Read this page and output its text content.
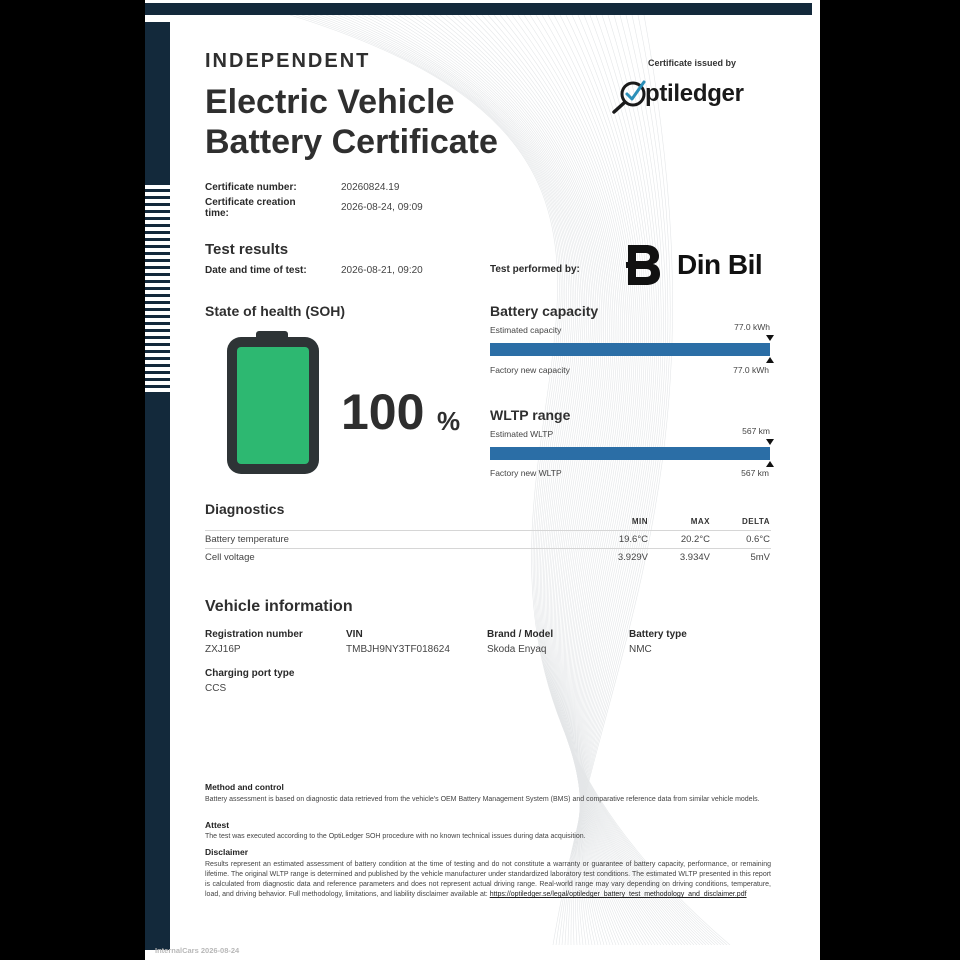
INDEPENDENT
Electric Vehicle
Battery Certificate
Certificate issued by
ptiledger
Certificate number:	20260824.19
Certificate creation
time:
2026-08-24, 09:09
Test results
Date and time of test:	2026-08-21, 09:20	Test performed by:	Din Bil
State of health (SOH)
100 %
Battery capacity
Estimated capacity	77.0 kWh
Factory new capacity	77.0 kWh
WLTP range
Estimated WLTP	567 km
Factory new WLTP	567 km
Diagnostics
MIN	MAX	DELTA
Battery temperature	19.6°C	20.2°C	0.6°C
Cell voltage	3.929V	3.934V	5mV
Vehicle information
Registration number
ZXJ16P
VIN
TMBJH9NY3TF018624
Brand / Model
Skoda Enyaq
Battery type
NMC
Charging port type
CCS
Method and control
Battery assessment is based on diagnostic data retrieved from the vehicle's OEM Battery Management System (BMS) and comparative reference data from similar vehicle models.
Attest
The test was executed according to the OptiLedger SOH procedure with no known technical issues during data acquisition.
Disclaimer
Results represent an estimated assessment of battery condition at the time of testing and do not constitute a warranty or guarantee of battery capacity, performance, or remaining lifetime. The original WLTP range is determined and published by the vehicle manufacturer under standardized laboratory test conditions. The estimated WLTP presented in this report is calculated from diagnostic data and reference parameters and does not represent actual driving range. Real-world range may vary depending on driving conditions, temperature, load, and driving behavior. Full methodology, limitations, and liability disclaimer available at: https://optiledger.se/legal/optiledger_battery_test_methodology_and_disclaimer.pdf
InternalCars 2026-08-24
